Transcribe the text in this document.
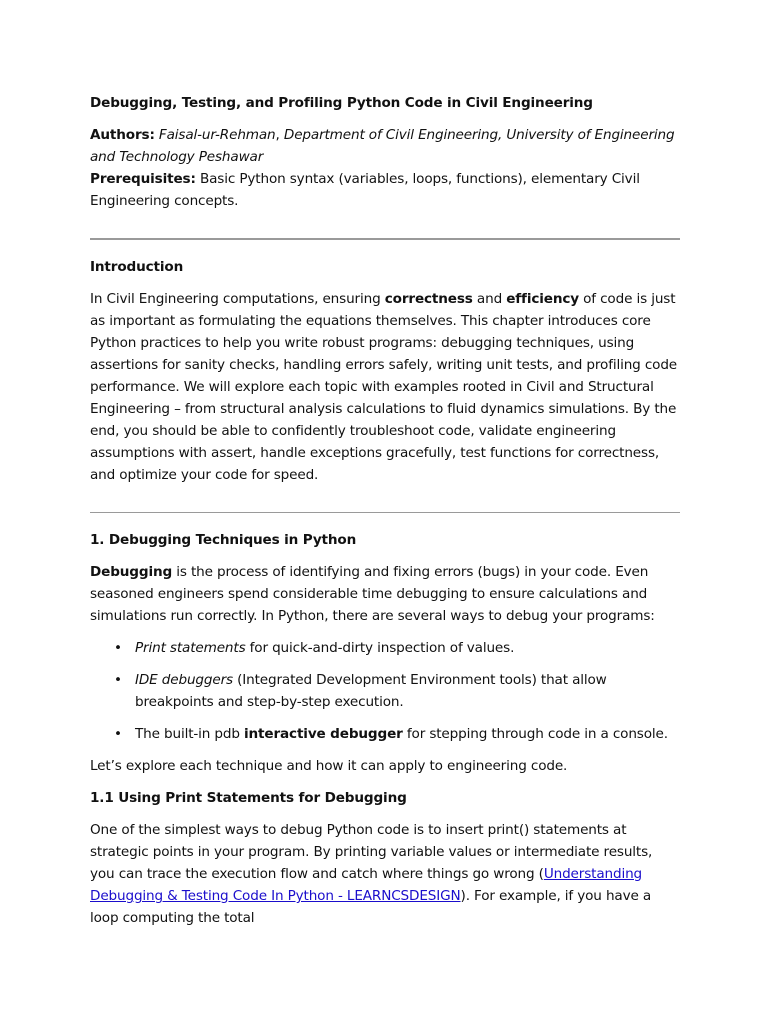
Debugging, Testing, and Profiling Python Code in Civil Engineering

Authors: Faisal-ur-Rehman, Department of Civil Engineering, University of Engineering and Technology Peshawar

Prerequisites: Basic Python syntax (variables, loops, functions), elementary Civil Engineering concepts.

Introduction

In Civil Engineering computations, ensuring correctness and efficiency of code is just as important as formulating the equations themselves. This chapter introduces core Python practices to help you write robust programs: debugging techniques, using assertions for sanity checks, handling errors safely, writing unit tests, and profiling code performance. We will explore each topic with examples rooted in Civil and Structural Engineering – from structural analysis calculations to fluid dynamics simulations. By the end, you should be able to confidently troubleshoot code, validate engineering assumptions with assert, handle exceptions gracefully, test functions for correctness, and optimize your code for speed.

1. Debugging Techniques in Python

Debugging is the process of identifying and fixing errors (bugs) in your code. Even seasoned engineers spend considerable time debugging to ensure calculations and simulations run correctly. In Python, there are several ways to debug your programs:

• Print statements for quick-and-dirty inspection of values.
• IDE debuggers (Integrated Development Environment tools) that allow breakpoints and step-by-step execution.
• The built-in pdb interactive debugger for stepping through code in a console.

Let’s explore each technique and how it can apply to engineering code.

1.1 Using Print Statements for Debugging

One of the simplest ways to debug Python code is to insert print() statements at strategic points in your program. By printing variable values or intermediate results, you can trace the execution flow and catch where things go wrong (Understanding Debugging & Testing Code In Python - LEARNCSDESIGN). For example, if you have a loop computing the total
